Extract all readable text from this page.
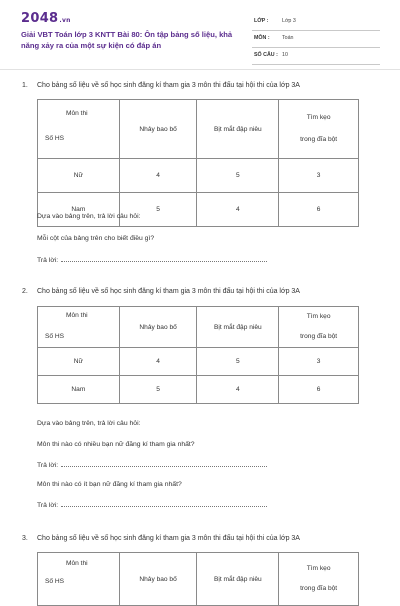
2048.vn
Giải VBT Toán lớp 3 KNTT Bài 80: Ôn tập bảng số liệu, khả năng xảy ra của một sự kiện có đáp án
LỚP :	Lớp 3
MÔN : Toán
SỐ CÂU : 10
1. Cho bảng số liệu về số học sinh đăng kí tham gia 3 môn thi đấu tại hội thi của lớp 3A
Môn thi
Số HS	Nhảy bao bố	Bịt mắt đập niêu	Tìm kẹo
trong đĩa bột
Nữ	4	5	3
Nam	5	4	6
Dựa vào bảng trên, trả lời câu hỏi:
Mỗi cột của bảng trên cho biết điều gì?
Trả lời:
2. Cho bảng số liệu về số học sinh đăng kí tham gia 3 môn thi đấu tại hội thi của lớp 3A
Môn thi
Số HS	Nhảy bao bố	Bịt mắt đập niêu	Tìm kẹo
trong đĩa bột
Nữ	4	5	3
Nam	5	4	6
Dựa vào bảng trên, trả lời câu hỏi:
Môn thi nào có nhiều bạn nữ đăng kí tham gia nhất?
Trả lời:
Môn thi nào có ít bạn nữ đăng kí tham gia nhất?
Trả lời:
3. Cho bảng số liệu về số học sinh đăng kí tham gia 3 môn thi đấu tại hội thi của lớp 3A
Môn thi
Số HS	Nhảy bao bố	Bịt mắt đập niêu	Tìm kẹo
trong đĩa bột
